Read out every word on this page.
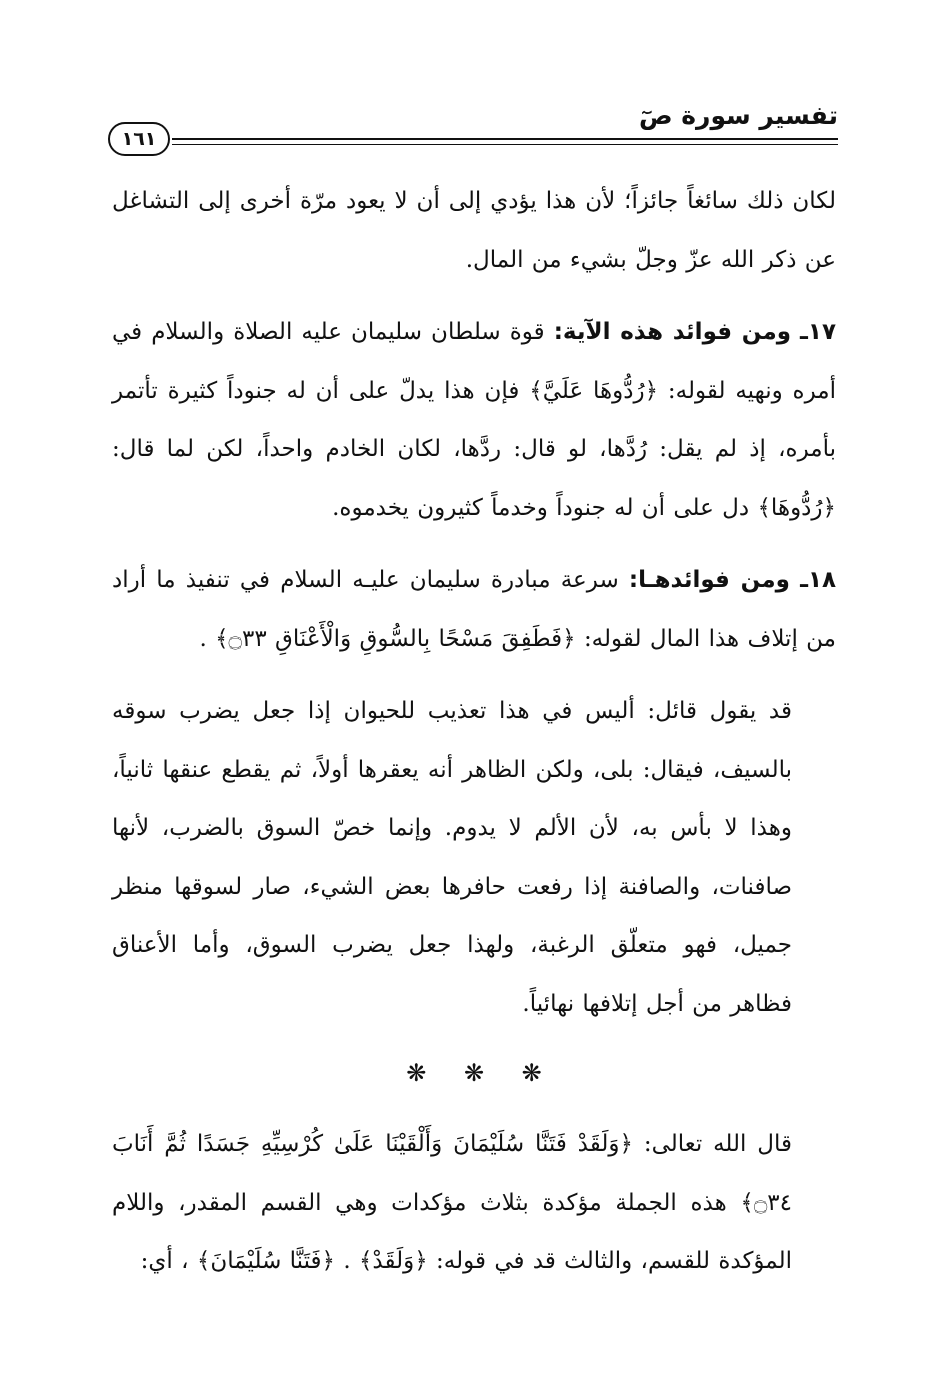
تفسير سورة صٓ
١٦١

لكان ذلك سائغاً جائزاً؛ لأن هذا يؤدي إلى أن لا يعود مرّة أخرى إلى التشاغل عن ذكر الله عزّ وجلّ بشيء من المال.

١٧ـ ومن فوائد هذه الآية: قوة سلطان سليمان عليه الصلاة والسلام في أمره ونهيه لقوله: ﴿رُدُّوهَا عَلَيَّ﴾ فإن هذا يدلّ على أن له جنوداً كثيرة تأتمر بأمره، إذ لم يقل: رُدَّها، لو قال: ردَّها، لكان الخادم واحداً، لكن لما قال: ﴿رُدُّوهَا﴾ دل على أن له جنوداً وخدماً كثيرون يخدموه.

١٨ـ ومن فوائدهـا: سرعة مبادرة سليمان عليـه السلام في تنفيذ ما أراد من إتلاف هذا المال لقوله: ﴿فَطَفِقَ مَسْحًا بِالسُّوقِ وَالْأَعْنَاقِ ۝٣٣﴾ .

قد يقول قائل: أليس في هذا تعذيب للحيوان إذا جعل يضرب سوقه بالسيف، فيقال: بلى، ولكن الظاهر أنه يعقرها أولاً، ثم يقطع عنقها ثانياً، وهذا لا بأس به، لأن الألم لا يدوم. وإنما خصّ السوق بالضرب، لأنها صافنات، والصافنة إذا رفعت حافرها بعض الشيء، صار لسوقها منظر جميل، فهو متعلّق الرغبة، ولهذا جعل يضرب السوق، وأما الأعناق فظاهر من أجل إتلافها نهائياً.

❋ ❋ ❋

قال الله تعالى: ﴿وَلَقَدْ فَتَنَّا سُلَيْمَانَ وَأَلْقَيْنَا عَلَىٰ كُرْسِيِّهِ جَسَدًا ثُمَّ أَنَابَ ۝٣٤﴾ هذه الجملة مؤكدة بثلاث مؤكدات وهي القسم المقدر، واللام المؤكدة للقسم، والثالث قد في قوله: ﴿وَلَقَدْ﴾ . ﴿فَتَنَّا سُلَيْمَانَ﴾ ، أي:
